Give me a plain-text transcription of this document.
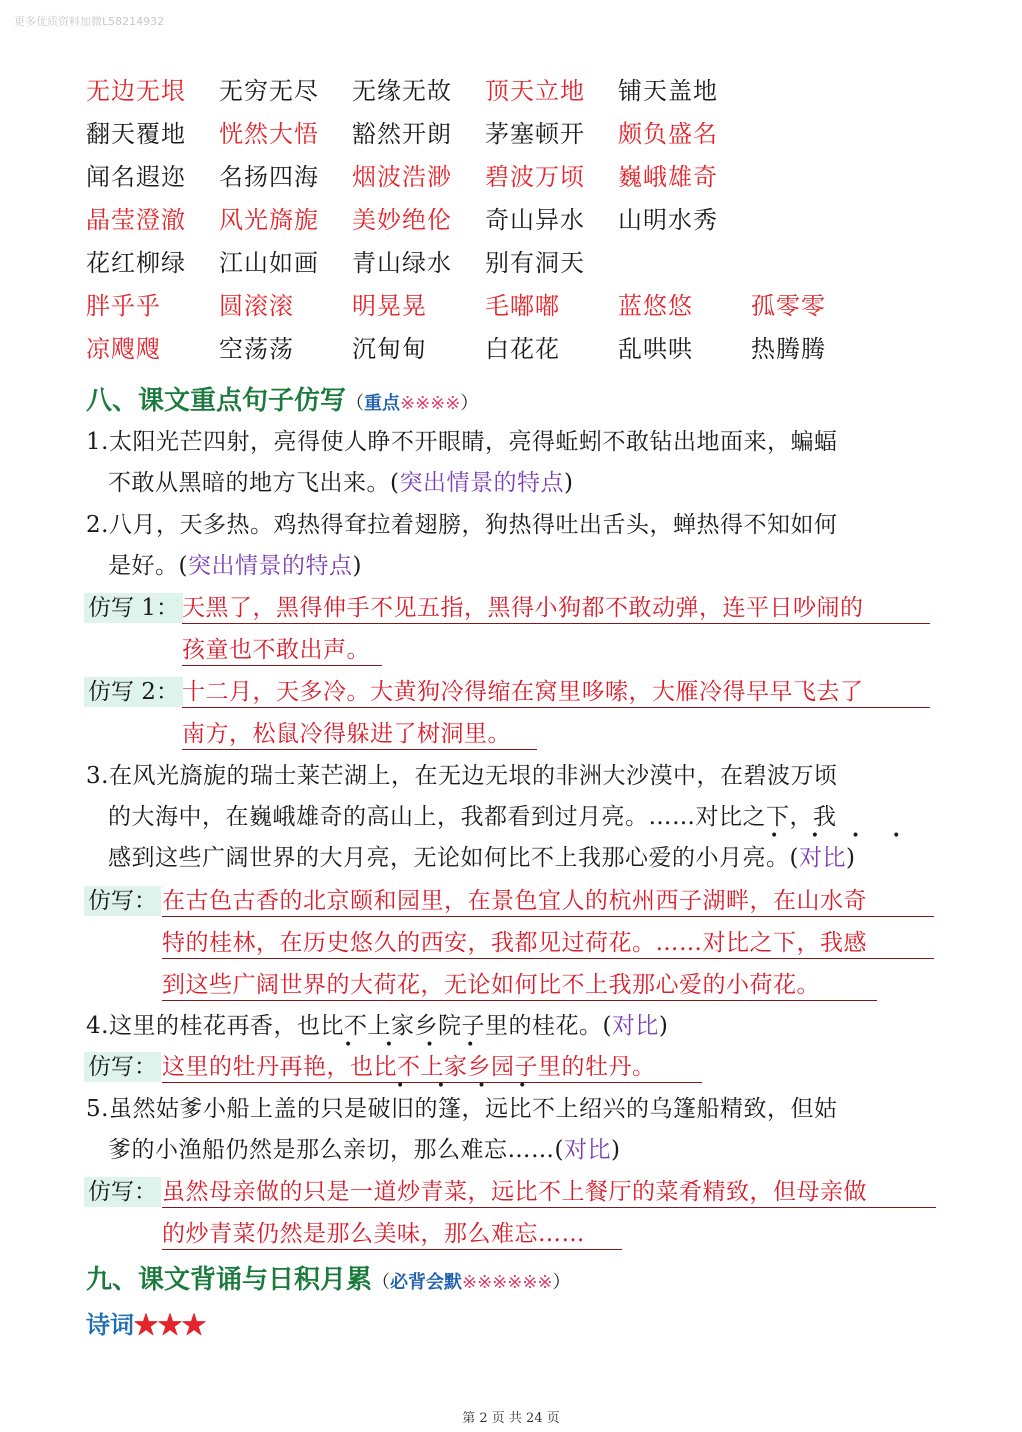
更多优质资料加微L58214932
无边无垠	无穷无尽	无缘无故	顶天立地	铺天盖地
翻天覆地	恍然大悟	豁然开朗	茅塞顿开	颇负盛名
闻名遐迩	名扬四海	烟波浩渺	碧波万顷	巍峨雄奇
晶莹澄澈	风光旖旎	美妙绝伦	奇山异水	山明水秀
花红柳绿	江山如画	青山绿水	别有洞天
胖乎乎	圆滚滚	明晃晃	毛嘟嘟	蓝悠悠	孤零零
凉飕飕	空荡荡	沉甸甸	白花花	乱哄哄	热腾腾
八、课文重点句子仿写（重点※※※※）
1.太阳光芒四射，亮得使人睁不开眼睛，亮得蚯蚓不敢钻出地面来，蝙蝠
不敢从黑暗的地方飞出来。(突出情景的特点)
2.八月，天多热。鸡热得耷拉着翅膀，狗热得吐出舌头，蝉热得不知如何
是好。(突出情景的特点)
仿写 1： 天黑了，黑得伸手不见五指，黑得小狗都不敢动弹，连平日吵闹的
孩童也不敢出声。
仿写 2： 十二月，天多冷。大黄狗冷得缩在窝里哆嗦，大雁冷得早早飞去了
南方，松鼠冷得躲进了树洞里。
3.在风光旖旎的瑞士莱芒湖上，在无边无垠的非洲大沙漠中，在碧波万顷
的大海中，在巍峨雄奇的高山上，我都看到过月亮。……对比之下，我
• • • •
感到这些广阔世界的大月亮，无论如何比不上我那心爱的小月亮。(对比)
仿写： 在古色古香的北京颐和园里，在景色宜人的杭州西子湖畔，在山水奇
特的桂林，在历史悠久的西安，我都见过荷花。……对比之下，我感
到这些广阔世界的大荷花，无论如何比不上我那心爱的小荷花。
4.这里的桂花再香，也比不上家乡院子里的桂花。(对比)
• • • •
仿写： 这里的牡丹再艳，也比不上家乡园子里的牡丹。
• • • •
5.虽然姑爹小船上盖的只是破旧的篷，远比不上绍兴的乌篷船精致，但姑
爹的小渔船仍然是那么亲切，那么难忘……(对比)
仿写： 虽然母亲做的只是一道炒青菜，远比不上餐厅的菜肴精致，但母亲做
的炒青菜仍然是那么美味，那么难忘……
九、课文背诵与日积月累（必背会默※※※※※※）
诗词★★★
第 2 页 共 24 页
